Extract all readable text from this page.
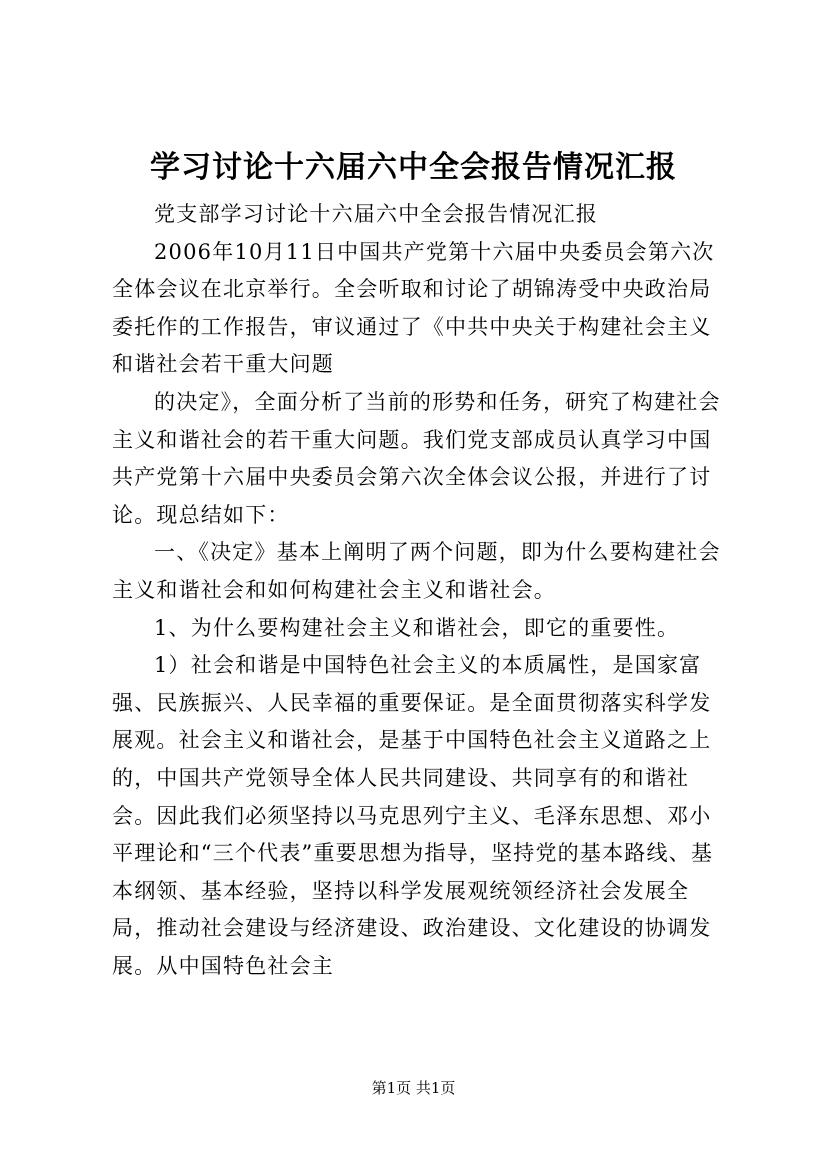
学习讨论十六届六中全会报告情况汇报

党支部学习讨论十六届六中全会报告情况汇报

2006年10月11日中国共产党第十六届中央委员会第六次全体会议在北京举行。全会听取和讨论了胡锦涛受中央政治局委托作的工作报告，审议通过了《中共中央关于构建社会主义和谐社会若干重大问题

的决定》，全面分析了当前的形势和任务，研究了构建社会主义和谐社会的若干重大问题。我们党支部成员认真学习中国共产党第十六届中央委员会第六次全体会议公报，并进行了讨论。现总结如下：

一、《决定》基本上阐明了两个问题，即为什么要构建社会主义和谐社会和如何构建社会主义和谐社会。

1、为什么要构建社会主义和谐社会，即它的重要性。

1）社会和谐是中国特色社会主义的本质属性，是国家富强、民族振兴、人民幸福的重要保证。是全面贯彻落实科学发展观。社会主义和谐社会，是基于中国特色社会主义道路之上的，中国共产党领导全体人民共同建设、共同享有的和谐社会。因此我们必须坚持以马克思列宁主义、毛泽东思想、邓小平理论和“三个代表”重要思想为指导，坚持党的基本路线、基本纲领、基本经验，坚持以科学发展观统领经济社会发展全局，推动社会建设与经济建设、政治建设、文化建设的协调发展。从中国特色社会主

第1页 共1页
